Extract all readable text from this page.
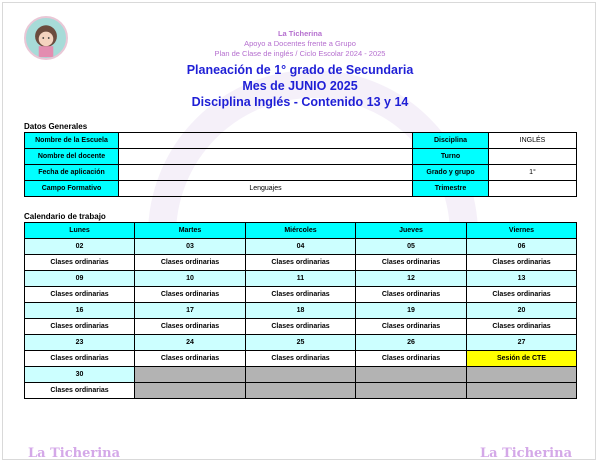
La Ticherina
Apoyo a Docentes frente a Grupo
Plan de Clase de inglés / Ciclo Escolar 2024 - 2025
Planeación de 1° grado de Secundaria
Mes de JUNIO 2025
Disciplina Inglés - Contenido 13 y 14
Datos Generales
Nombre de la Escuela		Disciplina	INGLÉS
Nombre del docente		Turno	
Fecha de aplicación		Grado y grupo	1°
Campo Formativo	Lenguajes	Trimestre	
Calendario de trabajo
Lunes	Martes	Miércoles	Jueves	Viernes
02	03	04	05	06
Clases ordinarias	Clases ordinarias	Clases ordinarias	Clases ordinarias	Clases ordinarias
09	10	11	12	13
Clases ordinarias	Clases ordinarias	Clases ordinarias	Clases ordinarias	Clases ordinarias
16	17	18	19	20
Clases ordinarias	Clases ordinarias	Clases ordinarias	Clases ordinarias	Clases ordinarias
23	24	25	26	27
Clases ordinarias	Clases ordinarias	Clases ordinarias	Clases ordinarias	Sesión de CTE
30				
Clases ordinarias				
La Ticherina	La Ticherina
